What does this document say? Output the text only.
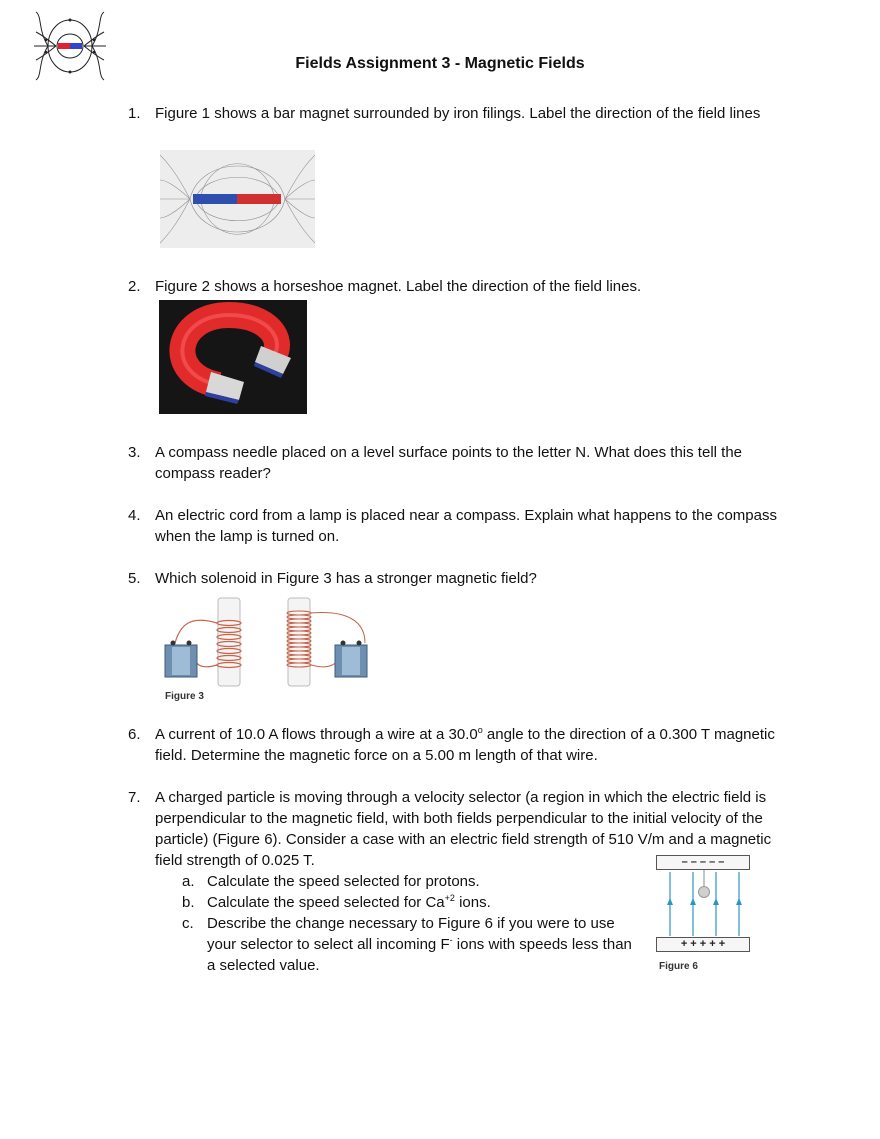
Fields Assignment 3 - Magnetic Fields
1. Figure 1 shows a bar magnet surrounded by iron filings. Label the direction of the field lines
2. Figure 2 shows a horseshoe magnet. Label the direction of the field lines.
3. A compass needle placed on a level surface points to the letter N. What does this tell the compass reader?
4. An electric cord from a lamp is placed near a compass. Explain what happens to the compass when the lamp is turned on.
5. Which solenoid in Figure 3 has a stronger magnetic field?
Figure 3
6. A current of 10.0 A flows through a wire at a 30.0$^o$ angle to the direction of a 0.300 T magnetic field. Determine the magnetic force on a 5.00 m length of that wire.
7. A charged particle is moving through a velocity selector (a region in which the electric field is perpendicular to the magnetic field, with both fields perpendicular to the initial velocity of the particle) (Figure 6). Consider a case with an electric field strength of 510 V/m and a magnetic field strength of 0.025 T.
a. Calculate the speed selected for protons.
b. Calculate the speed selected for $Ca^{+2}$ ions.
c. Describe the change necessary to Figure 6 if you were to use your selector to select all incoming F- ions with speeds less than a selected value.
– – – – –
+ + + + +
Figure 6
